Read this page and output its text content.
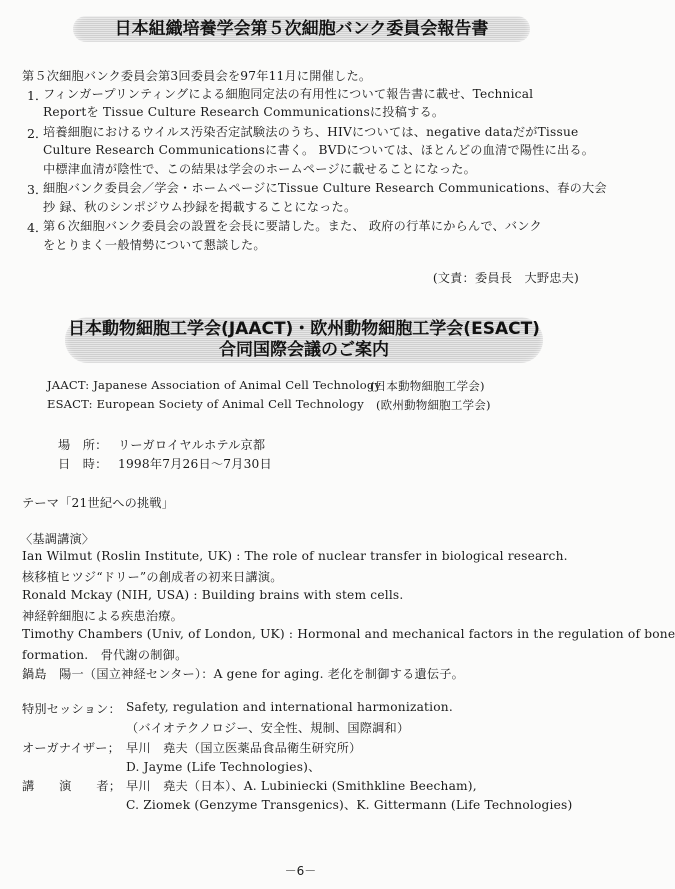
日本組織培養学会第５次細胞バンク委員会報告書
第５次細胞バンク委員会第3回委員会を97年11月に開催した。
1．
フィンガープリンティングによる細胞同定法の有用性について報告書に載せ、Technical
Reportを Tissue Culture Research Communicationsに投稿する。
2．
培養細胞におけるウイルス汚染否定試験法のうち、HIVについては、negative dataだがTissue
Culture Research Communicationsに書く。 BVDについては、ほとんどの血清で陽性に出る。
中標津血清が陰性で、この結果は学会のホームページに載せることになった。
3．
細胞バンク委員会／学会・ホームページにTissue Culture Research Communications、春の大会
抄 録、秋のシンポジウム抄録を掲載することになった。
4．
第６次細胞バンク委員会の設置を会長に要請した。また、 政府の行革にからんで、バンク
をとりまく一般情勢について懇談した。
(文責：委員長　大野忠夫)
日本動物細胞工学会(JAACT)・欧州動物細胞工学会(ESACT)
合同国際会議のご案内
JAACT: Japanese Association of Animal Cell Technology
(日本動物細胞工学会)
ESACT: European Society of Animal Cell Technology (欧州動物細胞工学会)
場　所： リーガロイヤルホテル京都
日　時： 1998年7月26日～7月30日
テーマ「21世紀への挑戦」
〈基調講演〉
Ian Wilmut (Roslin Institute, UK) : The role of nuclear transfer in biological research.
核移植ヒツジ“ドリー”の創成者の初来日講演。
Ronald Mckay (NIH, USA) : Building brains with stem cells.
神経幹細胞による疾患治療。
Timothy Chambers (Univ, of London, UK) : Hormonal and mechanical factors in the regulation of bone
formation.　骨代謝の制御。
鍋島　陽一（国立神経センター）：A gene for aging. 老化を制御する遺伝子。
特別セッション： Safety, regulation and international harmonization.
（バイオテクノロジー、安全性、規制、国際調和）
オーガナイザー； 早川　堯夫（国立医薬品食品衛生研究所）
D. Jayme (Life Technologies)、
講　　演　　者； 早川　堯夫（日本）、A. Lubiniecki (Smithkline Beecham),
C. Ziomek (Genzyme Transgenics)、K. Gittermann (Life Technologies)
－6－
